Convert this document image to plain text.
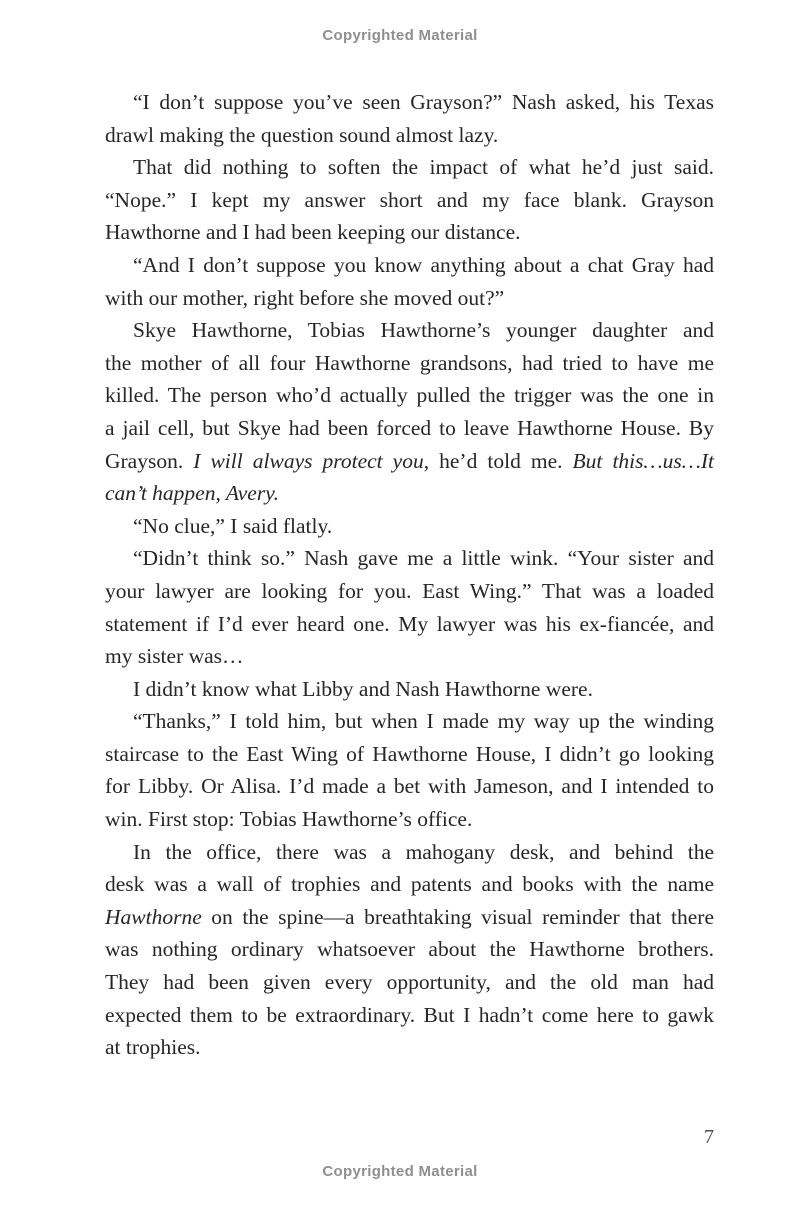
Copyrighted Material
“I don’t suppose you’ve seen Grayson?” Nash asked, his Texas
drawl making the question sound almost lazy.
That did nothing to soften the impact of what he’d just said.
“Nope.” I kept my answer short and my face blank. Grayson
Hawthorne and I had been keeping our distance.
“And I don’t suppose you know anything about a chat Gray had
with our mother, right before she moved out?”
Skye Hawthorne, Tobias Hawthorne’s younger daughter and
the mother of all four Hawthorne grandsons, had tried to have me
killed. The person who’d actually pulled the trigger was the one in
a jail cell, but Skye had been forced to leave Hawthorne House. By
Grayson. I will always protect you, he’d told me. But this…us…It
can’t happen, Avery.
“No clue,” I said flatly.
“Didn’t think so.” Nash gave me a little wink. “Your sister and
your lawyer are looking for you. East Wing.” That was a loaded
statement if I’d ever heard one. My lawyer was his ex-fiancée, and
my sister was…
I didn’t know what Libby and Nash Hawthorne were.
“Thanks,” I told him, but when I made my way up the winding
staircase to the East Wing of Hawthorne House, I didn’t go looking
for Libby. Or Alisa. I’d made a bet with Jameson, and I intended to
win. First stop: Tobias Hawthorne’s office.
In the office, there was a mahogany desk, and behind the
desk was a wall of trophies and patents and books with the name
Hawthorne on the spine—a breathtaking visual reminder that there
was nothing ordinary whatsoever about the Hawthorne brothers.
They had been given every opportunity, and the old man had
expected them to be extraordinary. But I hadn’t come here to gawk
at trophies.
7
Copyrighted Material
